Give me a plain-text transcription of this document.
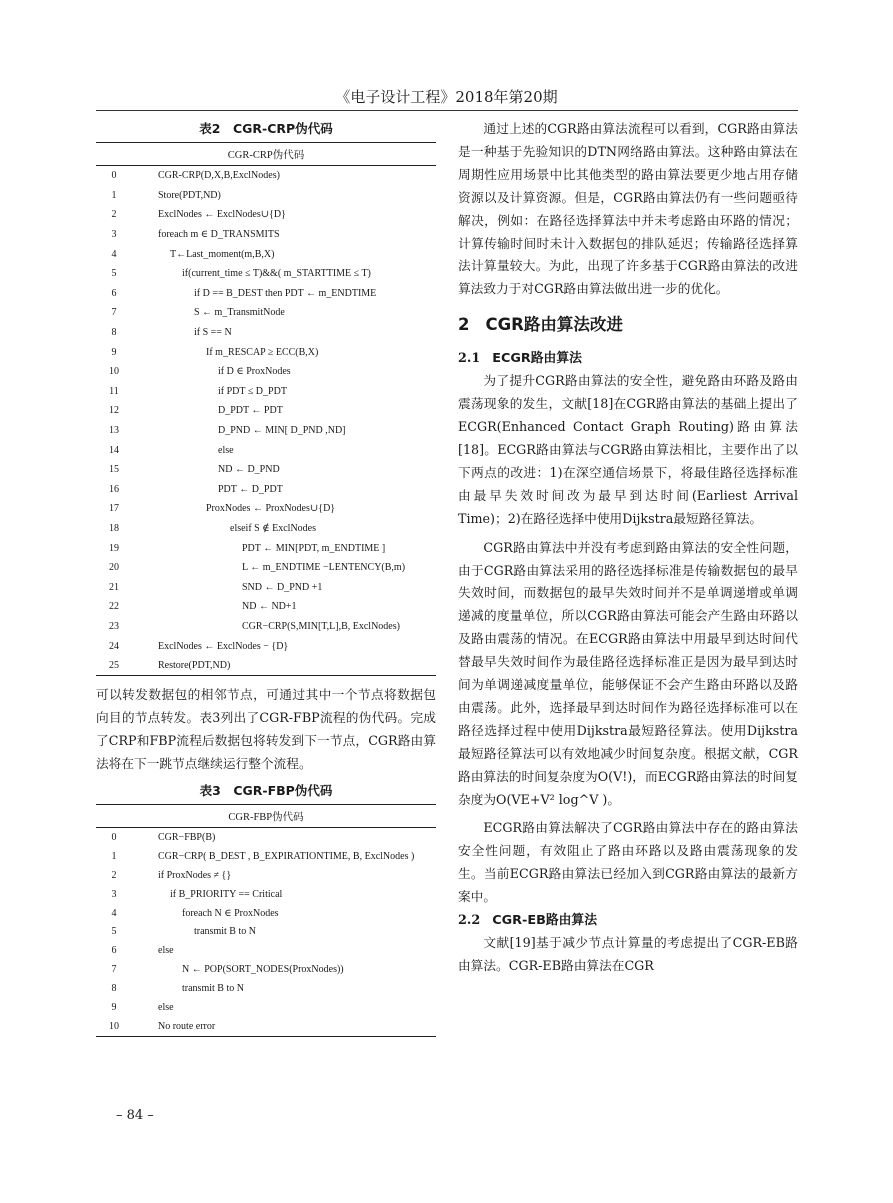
《电子设计工程》2018年第20期
表2　CGR-CRP伪代码
CGR-CRP伪代码	
0	CGR-CRP(D,X,B,ExclNodes)
1	Store(PDT,ND)
2	ExclNodes ← ExclNodes∪{D}
3	foreach m ∈ D_TRANSMITS
4	T←Last_moment(m,B,X)
5	if(current_time ≤ T)&&( m_STARTTIME ≤ T)
6	if D == B_DEST then PDT ← m_ENDTIME
7	S ← m_TransmitNode
8	if S == N
9	If m_RESCAP ≥ ECC(B,X)
10	if D ∈ ProxNodes
11	if PDT ≤ D_PDT
12	D_PDT ← PDT
13	D_PND ← MIN[ D_PND ,ND]
14	else
15	ND ← D_PND
16	PDT ← D_PDT
17	ProxNodes ← ProxNodes∪{D}
18	elseif S ∉ ExclNodes
19	PDT ← MIN[PDT, m_ENDTIME ]
20	L ← m_ENDTIME −LENTENCY(B,m)
21	SND ← D_PND +1
22	ND ← ND+1
23	CGR−CRP(S,MIN[T,L],B, ExclNodes)
24	ExclNodes ← ExclNodes − {D}
25	Restore(PDT,ND)

可以转发数据包的相邻节点，可通过其中一个节点将数据包向目的节点转发。表3列出了CGR-FBP流程的伪代码。完成了CRP和FBP流程后数据包将转发到下一节点，CGR路由算法将在下一跳节点继续运行整个流程。

表3　CGR-FBP伪代码
CGR-FBP伪代码	
0	CGR−FBP(B)
1	CGR−CRP( B_DEST , B_EXPIRATIONTIME, B, ExclNodes )
2	if ProxNodes ≠ {}
3	if B_PRIORITY == Critical
4	foreach N ∈ ProxNodes
5	transmit B to N
6	else
7	N ← POP(SORT_NODES(ProxNodes))
8	transmit B to N
9	else
10	No route error

通过上述的CGR路由算法流程可以看到，CGR路由算法是一种基于先验知识的DTN网络路由算法。这种路由算法在周期性应用场景中比其他类型的路由算法要更少地占用存储资源以及计算资源。但是，CGR路由算法仍有一些问题亟待解决，例如：在路径选择算法中并未考虑路由环路的情况；计算传输时间时未计入数据包的排队延迟；传输路径选择算法计算量较大。为此，出现了许多基于CGR路由算法的改进算法致力于对CGR路由算法做出进一步的优化。

2 CGR路由算法改进
2.1 ECGR路由算法

为了提升CGR路由算法的安全性，避免路由环路及路由震荡现象的发生，文献[18]在CGR路由算法的基础上提出了ECGR(Enhanced Contact Graph Routing)路由算法[18]。ECGR路由算法与CGR路由算法相比，主要作出了以下两点的改进：1)在深空通信场景下，将最佳路径选择标准由最早失效时间改为最早到达时间(Earliest Arrival Time)；2)在路径选择中使用Dijkstra最短路径算法。

CGR路由算法中并没有考虑到路由算法的安全性问题，由于CGR路由算法采用的路径选择标准是传输数据包的最早失效时间，而数据包的最早失效时间并不是单调递增或单调递减的度量单位，所以CGR路由算法可能会产生路由环路以及路由震荡的情况。在ECGR路由算法中用最早到达时间代替最早失效时间作为最佳路径选择标准正是因为最早到达时间为单调递减度量单位，能够保证不会产生路由环路以及路由震荡。此外，选择最早到达时间作为路径选择标准可以在路径选择过程中使用Dijkstra最短路径算法。使用Dijkstra最短路径算法可以有效地减少时间复杂度。根据文献，CGR路由算法的时间复杂度为O(V!)，而ECGR路由算法的时间复杂度为O(VE+V² log^V )。

ECGR路由算法解决了CGR路由算法中存在的路由算法安全性问题，有效阻止了路由环路以及路由震荡现象的发生。当前ECGR路由算法已经加入到CGR路由算法的最新方案中。

2.2 CGR-EB路由算法

文献[19]基于减少节点计算量的考虑提出了CGR-EB路由算法。CGR-EB路由算法在CGR

– 84 –
